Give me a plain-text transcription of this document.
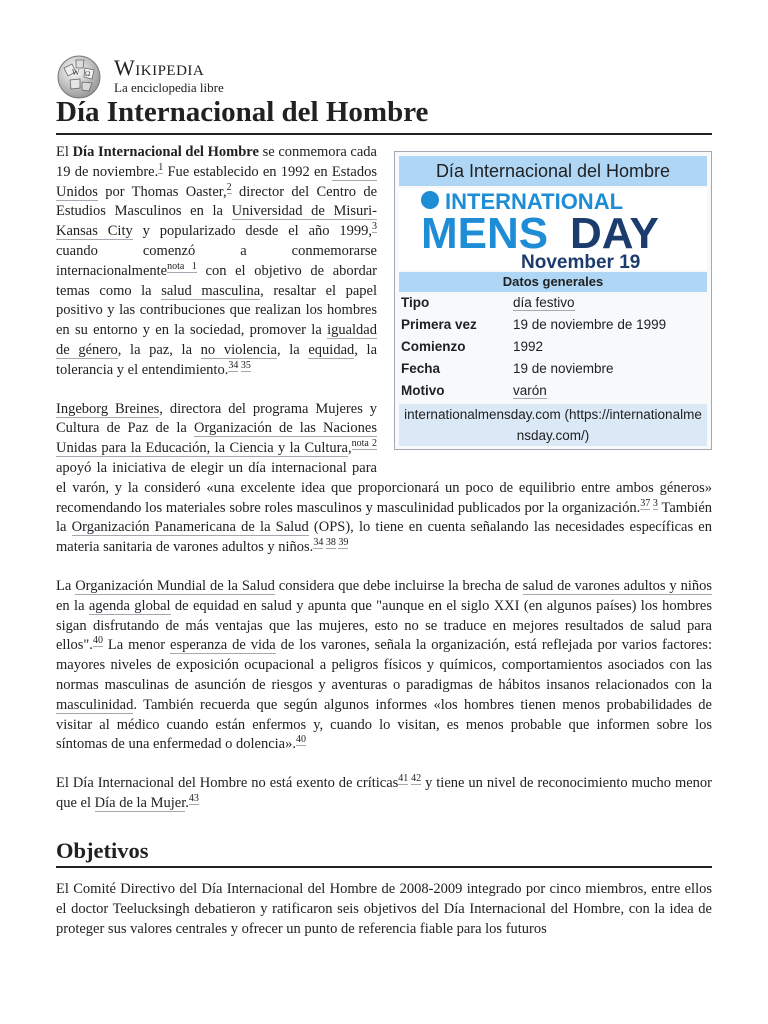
W Ω Wikipedia
La enciclopedia libre
Día Internacional del Hombre
Día Internacional del Hombre
INTERNATIONAL
MENS DAY
November 19
Datos generales
Tipo	día festivo
Primera vez	19 de noviembre de 1999
Comienzo	1992
Fecha	19 de noviembre
Motivo	varón
internationalmensday.com (https://internationalmensday.com/)

El Día Internacional del Hombre se conmemora cada 19 de noviembre.$^1$ Fue establecido en 1992 en Estados Unidos por Thomas Oaster,$^2$ director del Centro de Estudios Masculinos en la Universidad de Misuri-Kansas City y popularizado desde el año 1999,$^3$ cuando comenzó a conmemorarse internacionalmente$^{nota 1}$ con el objetivo de abordar temas como la salud masculina, resaltar el papel positivo y las contribuciones que realizan los hombres en su entorno y en la sociedad, promover la igualdad de género, la paz, la no violencia, la equidad, la tolerancia y el entendimiento.$^{34 35}$

Ingeborg Breines, directora del programa Mujeres y Cultura de Paz de la Organización de las Naciones Unidas para la Educación, la Ciencia y la Cultura,$^{nota 2}$ apoyó la iniciativa de elegir un día internacional para el varón, y la consideró «una excelente idea que proporcionará un poco de equilibrio entre ambos géneros» recomendando los materiales sobre roles masculinos y masculinidad publicados por la organización.$^{37 3}$ También la Organización Panamericana de la Salud (OPS), lo tiene en cuenta señalando las necesidades específicas en materia sanitaria de varones adultos y niños.$^{34 38 39}$

La Organización Mundial de la Salud considera que debe incluirse la brecha de salud de varones adultos y niños en la agenda global de equidad en salud y apunta que "aunque en el siglo XXI (en algunos países) los hombres sigan disfrutando de más ventajas que las mujeres, esto no se traduce en mejores resultados de salud para ellos".$^{40}$ La menor esperanza de vida de los varones, señala la organización, está reflejada por varios factores: mayores niveles de exposición ocupacional a peligros físicos y químicos, comportamientos asociados con las normas masculinas de asunción de riesgos y aventuras o paradigmas de hábitos insanos relacionados con la masculinidad. También recuerda que según algunos informes «los hombres tienen menos probabilidades de visitar al médico cuando están enfermos y, cuando lo visitan, es menos probable que informen sobre los síntomas de una enfermedad o dolencia».$^{40}$

El Día Internacional del Hombre no está exento de críticas$^{41 42}$ y tiene un nivel de reconocimiento mucho menor que el Día de la Mujer.$^{43}$

Objetivos
El Comité Directivo del Día Internacional del Hombre de 2008-2009 integrado por cinco miembros, entre ellos el doctor Teelucksingh debatieron y ratificaron seis objetivos del Día Internacional del Hombre, con la idea de proteger sus valores centrales y ofrecer un punto de referencia fiable para los futuros
